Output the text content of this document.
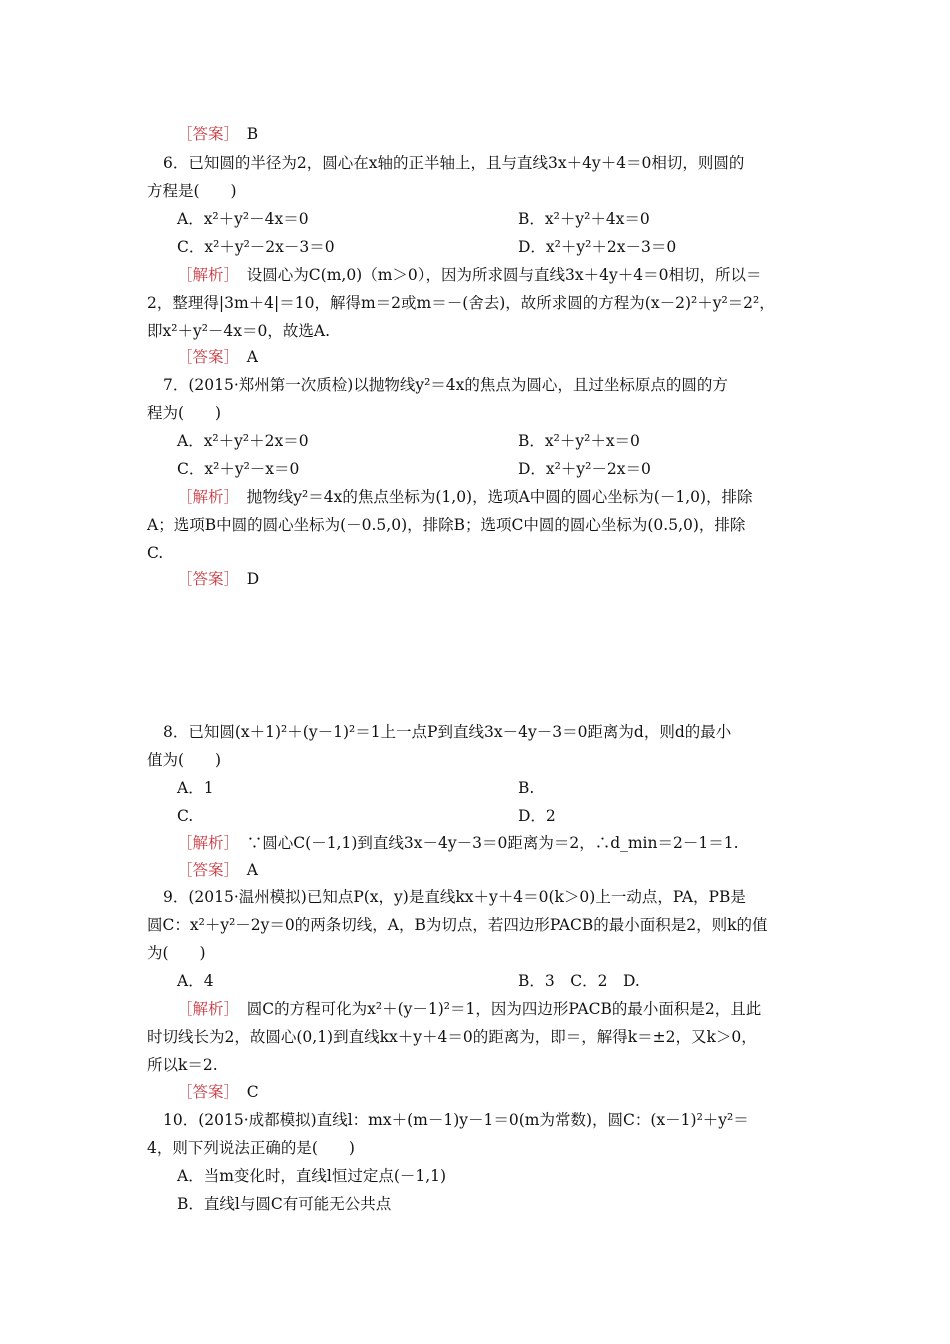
［答案］　 B
6．已知圆的半径为2，圆心在x轴的正半轴上，且与直线3x＋4y＋4＝0相切，则圆的
方程是(　　)
A．x²＋y²－4x＝0	B．x²＋y²＋4x＝0
C．x²＋y²－2x－3＝0	D．x²＋y²＋2x－3＝0
［解析］　 设圆心为C(m,0)（m＞0），因为所求圆与直线3x＋4y＋4＝0相切，所以＝
2，整理得|3m＋4|＝10，解得m＝2或m＝－(舍去)，故所求圆的方程为(x－2)²＋y²＝2²，
即x²＋y²－4x＝0，故选A.
［答案］　 A
7．(2015·郑州第一次质检)以抛物线y²＝4x的焦点为圆心，且过坐标原点的圆的方
程为(　　)
A．x²＋y²＋2x＝0	B．x²＋y²＋x＝0
C．x²＋y²－x＝0	D．x²＋y²－2x＝0
［解析］　 抛物线y²＝4x的焦点坐标为(1,0)，选项A中圆的圆心坐标为(－1,0)，排除
A；选项B中圆的圆心坐标为(－0.5,0)，排除B；选项C中圆的圆心坐标为(0.5,0)，排除
C.
［答案］　 D
8．已知圆(x＋1)²＋(y－1)²＝1上一点P到直线3x－4y－3＝0距离为d，则d的最小
值为(　　)
A．1	B.
C.	D．2
［解析］　 ∵圆心C(－1,1)到直线3x－4y－3＝0距离为＝2，∴d_min＝2－1＝1.
［答案］　 A
9．(2015·温州模拟)已知点P(x，y)是直线kx＋y＋4＝0(k＞0)上一动点，PA，PB是
圆C：x²＋y²－2y＝0的两条切线，A，B为切点，若四边形PACB的最小面积是2，则k的值
为(　　)
A．4	B．3　C．2　D.
［解析］　 圆C的方程可化为x²＋(y－1)²＝1，因为四边形PACB的最小面积是2，且此
时切线长为2，故圆心(0,1)到直线kx＋y＋4＝0的距离为，即＝，解得k＝±2，又k＞0，
所以k＝2.
［答案］　 C
10．(2015·成都模拟)直线l：mx＋(m－1)y－1＝0(m为常数)，圆C：(x－1)²＋y²＝
4，则下列说法正确的是(　　)
A．当m变化时，直线l恒过定点(－1,1)
B．直线l与圆C有可能无公共点
